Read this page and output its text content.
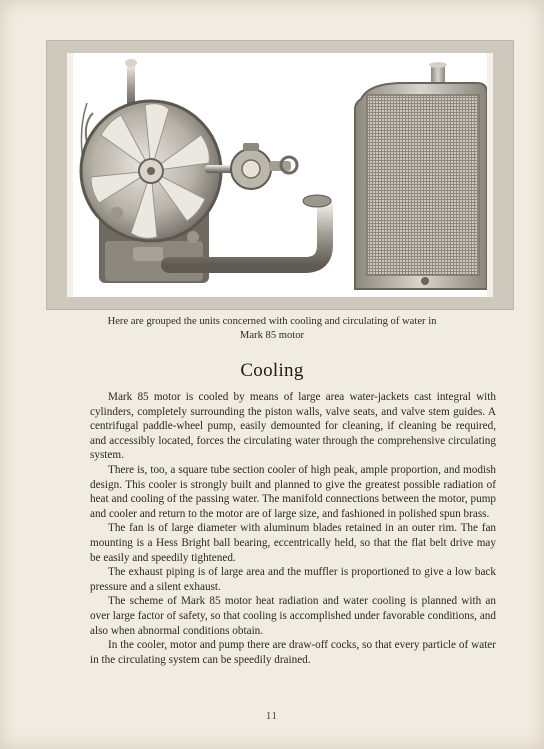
Here are grouped the units concerned with cooling and circulating of water in
Mark 85 motor
Cooling

Mark 85 motor is cooled by means of large area water-jackets cast integral with cylinders, completely surrounding the piston walls, valve seats, and valve stem guides. A centrifugal paddle-wheel pump, easily demounted for cleaning, if cleaning be required, and accessibly located, forces the circulating water through the comprehensive circulating system.

There is, too, a square tube section cooler of high peak, ample proportion, and modish design. This cooler is strongly built and planned to give the greatest possible radiation of heat and cooling of the passing water. The manifold connections between the motor, pump and cooler and return to the motor are of large size, and fashioned in polished spun brass.

The fan is of large diameter with aluminum blades retained in an outer rim. The fan mounting is a Hess Bright ball bearing, eccentrically held, so that the flat belt drive may be easily and speedily tightened.

The exhaust piping is of large area and the muffler is proportioned to give a low back pressure and a silent exhaust.

The scheme of Mark 85 motor heat radiation and water cooling is planned with an over large factor of safety, so that cooling is accomplished under favorable conditions, and also when abnormal conditions obtain.

In the cooler, motor and pump there are draw-off cocks, so that every particle of water in the circulating system can be speedily drained.

11
